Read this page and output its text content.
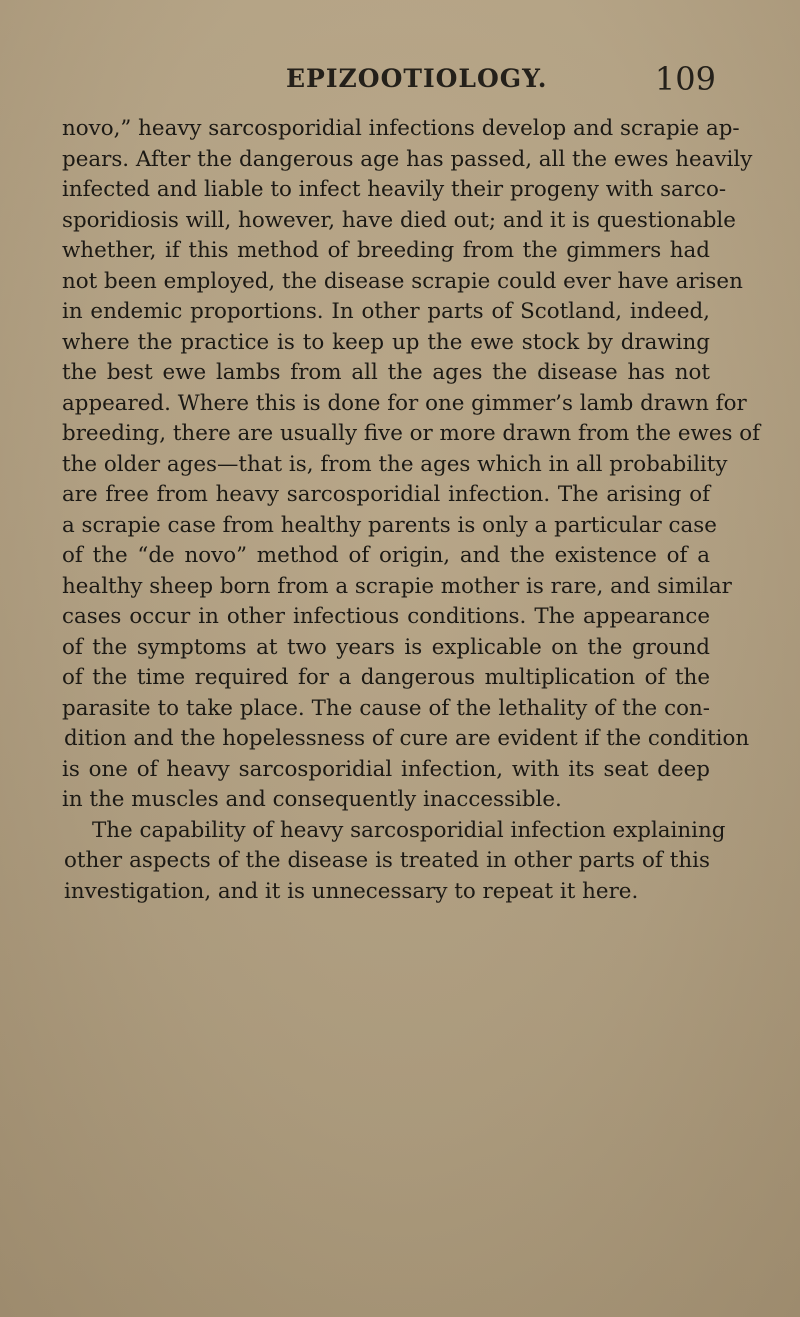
EPIZOOTIOLOGY.	109
novo,” heavy sarcosporidial infections develop and scrapie ap-
pears. After the dangerous age has passed, all the ewes heavily
infected and liable to infect heavily their progeny with sarco-
sporidiosis will, however, have died out; and it is questionable
whether, if this method of breeding from the gimmers had
not been employed, the disease scrapie could ever have arisen
in endemic proportions. In other parts of Scotland, indeed,
where the practice is to keep up the ewe stock by drawing
the best ewe lambs from all the ages the disease has not
appeared. Where this is done for one gimmer’s lamb drawn for
breeding, there are usually five or more drawn from the ewes of
the older ages—that is, from the ages which in all probability
are free from heavy sarcosporidial infection. The arising of
a scrapie case from healthy parents is only a particular case
of the “de novo” method of origin, and the existence of a
healthy sheep born from a scrapie mother is rare, and similar
cases occur in other infectious conditions. The appearance
of the symptoms at two years is explicable on the ground
of the time required for a dangerous multiplication of the
parasite to take place. The cause of the lethality of the con-
dition and the hopelessness of cure are evident if the condition
is one of heavy sarcosporidial infection, with its seat deep
in the muscles and consequently inaccessible.
The capability of heavy sarcosporidial infection explaining
other aspects of the disease is treated in other parts of this
investigation, and it is unnecessary to repeat it here.
